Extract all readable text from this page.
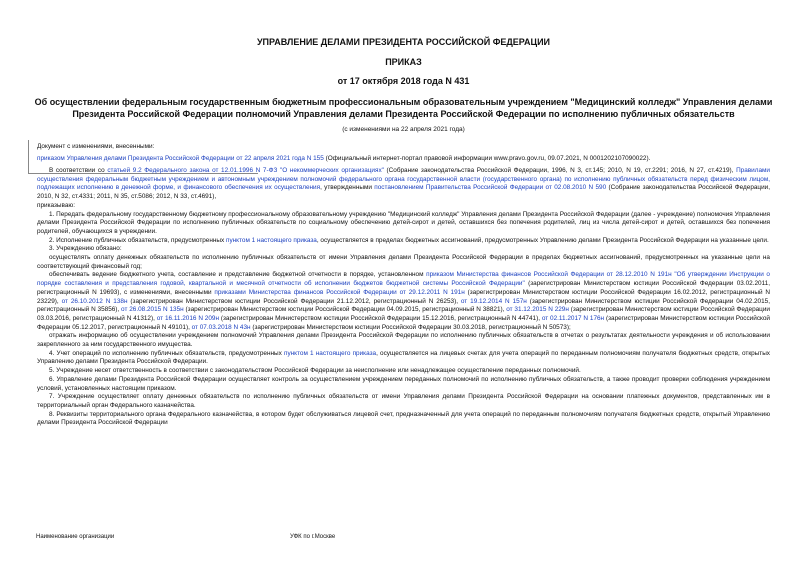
УПРАВЛЕНИЕ ДЕЛАМИ ПРЕЗИДЕНТА РОССИЙСКОЙ ФЕДЕРАЦИИ
ПРИКАЗ
от 17 октября 2018 года N 431
Об осуществлении федеральным государственным бюджетным профессиональным образовательным учреждением "Медицинский колледж" Управления делами Президента Российской Федерации полномочий Управления делами Президента Российской Федерации по исполнению публичных обязательств
(с изменениями на 22 апреля 2021 года)
Документ с изменениями, внесенными:
приказом Управления делами Президента Российской Федерации от 22 апреля 2021 года N 155 (Официальный интернет-портал правовой информации www.pravo.gov.ru, 09.07.2021, N 0001202107090022).

В соответствии со статьей 9.2 Федерального закона от 12.01.1996 N 7-ФЗ "О некоммерческих организациях" (Собрание законодательства Российской Федерации, 1996, N 3, ст.145; 2010, N 19, ст.2291; 2016, N 27, ст.4219), Правилами осуществления федеральным бюджетным учреждением и автономным учреждением полномочий федерального органа государственной власти (государственного органа) по исполнению публичных обязательств перед физическим лицом, подлежащих исполнению в денежной форме, и финансового обеспечения их осуществления, утвержденными постановлением Правительства Российской Федерации от 02.08.2010 N 590 (Собрание законодательства Российской Федерации, 2010, N 32, ст.4331; 2011, N 35, ст.5086; 2012, N 33, ст.4691),

приказываю:

1. Передать федеральному государственному бюджетному профессиональному образовательному учреждению "Медицинский колледж" Управления делами Президента Российской Федерации (далее - учреждение) полномочия Управления делами Президента Российской Федерации по исполнению публичных обязательств по социальному обеспечению детей-сирот и детей, оставшихся без попечения родителей, лиц из числа детей-сирот и детей, оставшихся без попечения родителей, обучающихся в учреждении.

2. Исполнение публичных обязательств, предусмотренных пунктом 1 настоящего приказа, осуществляется в пределах бюджетных ассигнований, предусмотренных Управлению делами Президента Российской Федерации на указанные цели.

3. Учреждению обязано:

осуществлять оплату денежных обязательств по исполнению публичных обязательств от имени Управления делами Президента Российской Федерации в пределах бюджетных ассигнований, предусмотренных на указанные цели на соответствующий финансовый год;

обеспечивать ведение бюджетного учета, составление и представление бюджетной отчетности в порядке, установленном приказом Министерства финансов Российской Федерации от 28.12.2010 N 191н "Об утверждении Инструкции о порядке составления и представления годовой, квартальной и месячной отчетности об исполнении бюджетов бюджетной системы Российской Федерации" (зарегистрирован Министерством юстиции Российской Федерации 03.02.2011, регистрационный N 19693), с изменениями, внесенными приказами Министерства финансов Российской Федерации от 29.12.2011 N 191н (зарегистрирован Министерством юстиции Российской Федерации 16.02.2012, регистрационный N 23229), от 26.10.2012 N 138н (зарегистрирован Министерством юстиции Российской Федерации 21.12.2012, регистрационный N 26253), от 19.12.2014 N 157н (зарегистрирован Министерством юстиции Российской Федерации 04.02.2015, регистрационный N 35856), от 26.08.2015 N 135н (зарегистрирован Министерством юстиции Российской Федерации 04.09.2015, регистрационный N 38821), от 31.12.2015 N 229н (зарегистрирован Министерством юстиции Российской Федерации 03.03.2016, регистрационный N 41312), от 16.11.2016 N 209н (зарегистрирован Министерством юстиции Российской Федерации 15.12.2016, регистрационный N 44741), от 02.11.2017 N 176н (зарегистрирован Министерством юстиции Российской Федерации 05.12.2017, регистрационный N 49101), от 07.03.2018 N 43н (зарегистрирован Министерством юстиции Российской Федерации 30.03.2018, регистрационный N 50573);

отражать информацию об осуществлении учреждением полномочий Управления делами Президента Российской Федерации по исполнению публичных обязательств в отчетах о результатах деятельности учреждения и об использовании закрепленного за ним государственного имущества.

4. Учет операций по исполнению публичных обязательств, предусмотренных пунктом 1 настоящего приказа, осуществляется на лицевых счетах для учета операций по переданным полномочиям получателя бюджетных средств, открытых Управлению делами Президента Российской Федерации.

5. Учреждение несет ответственность в соответствии с законодательством Российской Федерации за неисполнение или ненадлежащее осуществление переданных полномочий.

6. Управление делами Президента Российской Федерации осуществляет контроль за осуществлением учреждением переданных полномочий по исполнению публичных обязательств, а также проводит проверки соблюдения учреждением условий, установленных настоящим приказом.

7. Учреждение осуществляет оплату денежных обязательств по исполнению публичных обязательств от имени Управления делами Президента Российской Федерации на основании платежных документов, представленных им в территориальный орган Федерального казначейства.

8. Реквизиты территориального органа Федерального казначейства, в котором будет обслуживаться лицевой счет, предназначенный для учета операций по переданным полномочиям получателя бюджетных средств, открытый Управлению делами Президента Российской Федерации

Наименование организации	УФК по г.Москве
